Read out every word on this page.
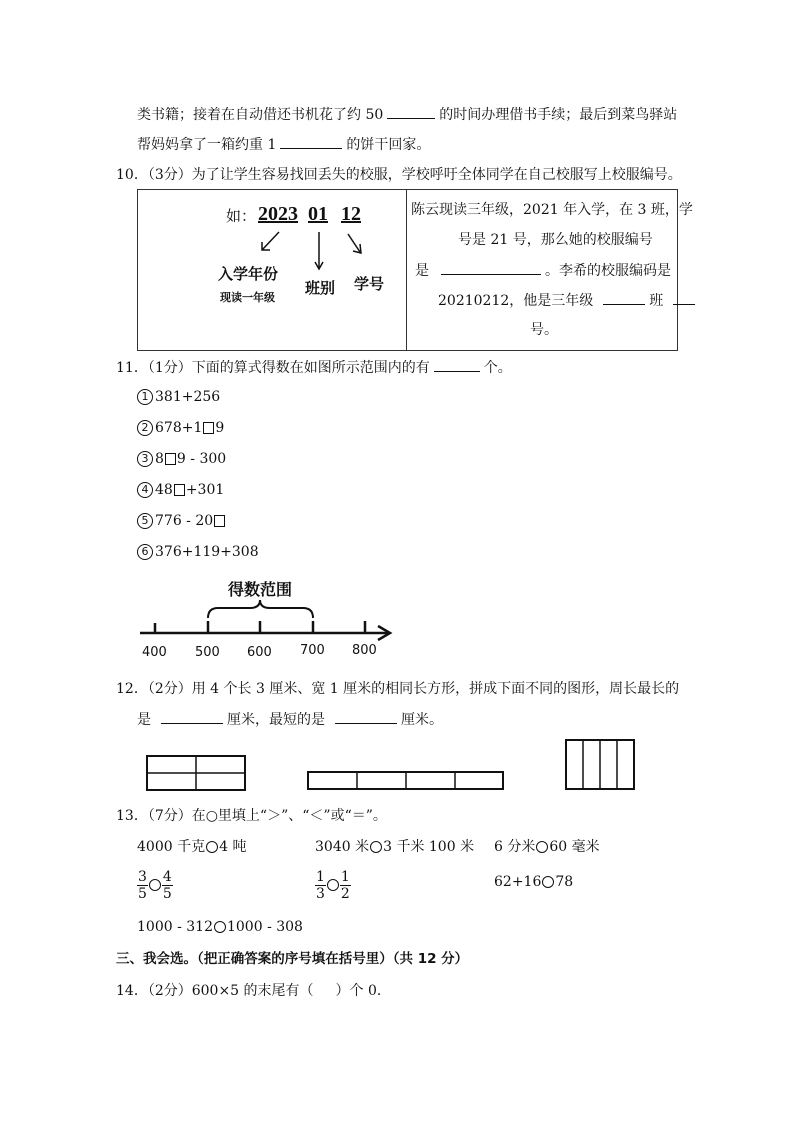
类书籍；接着在自动借还书机花了约 50	的时间办理借书手续；最后到菜鸟驿站
帮妈妈拿了一箱约重 1	的饼干回家。
10．（3分）为了让学生容易找回丢失的校服，学校呼吁全体同学在自己校服写上校服编号。
如： 2023 01 12
入学年份
现读一年级
班别 学号
陈云现读三年级，2021 年入学，在 3 班，学
号是 21 号，那么她的校服编号
是	。李希的校服编码是
20210212，他是三年级	班
号。
11．（1分）下面的算式得数在如图所示范围内的有	个。
1 381+256
2 678+1 9
3 8 9 - 300
4 48 +301
5 776 - 20
6 376+119+308
得数范围
400 500 600 700 800
12．（2分）用 4 个长 3 厘米、宽 1 厘米的相同长方形，拼成下面不同的图形，周长最长的
是	厘米，最短的是	厘米。
13．（7分）在○里填上“＞”、“＜”或“＝”。
4000 千克 4 吨	3040 米 3 千米 100 米 6 分米 60 毫米
$\frac{3}{5} \frac{4}{5}$	$\frac{1}{3} \frac{1}{2}$	62+16 78
1000 - 312 1000 - 308
三、我会选。（把正确答案的序号填在括号里）（共 12 分）
14．（2分）600×5 的末尾有（ ）个 0．
